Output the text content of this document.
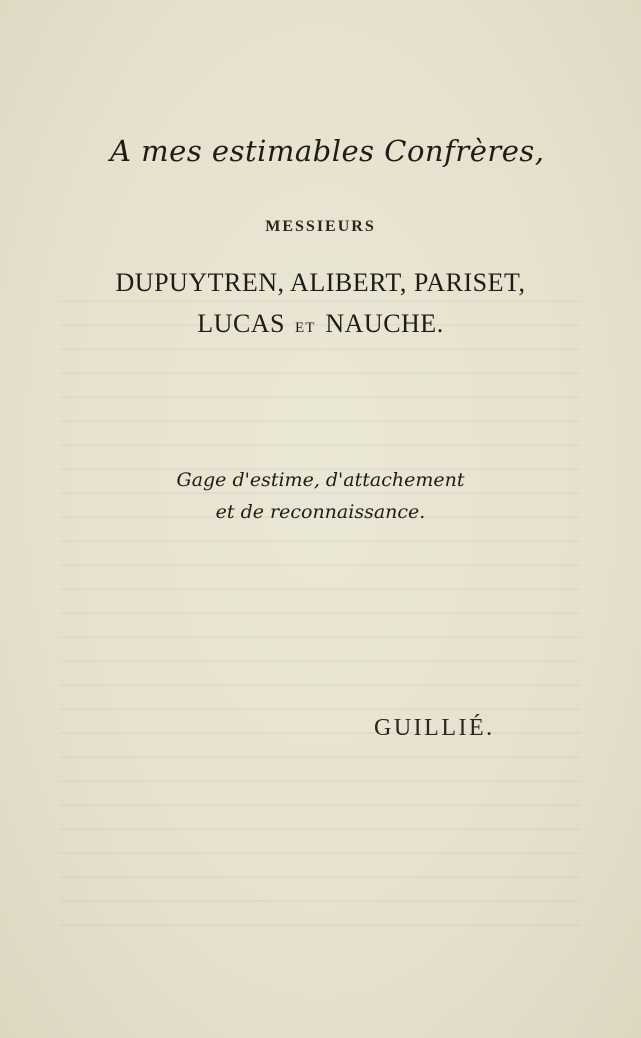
A mes estimables Confrères,
MESSIEURS
DUPUYTREN, ALIBERT, PARISET,
LUCAS ET NAUCHE.
Gage d'estime, d'attachement
et de reconnaissance.
GUILLIÉ.
